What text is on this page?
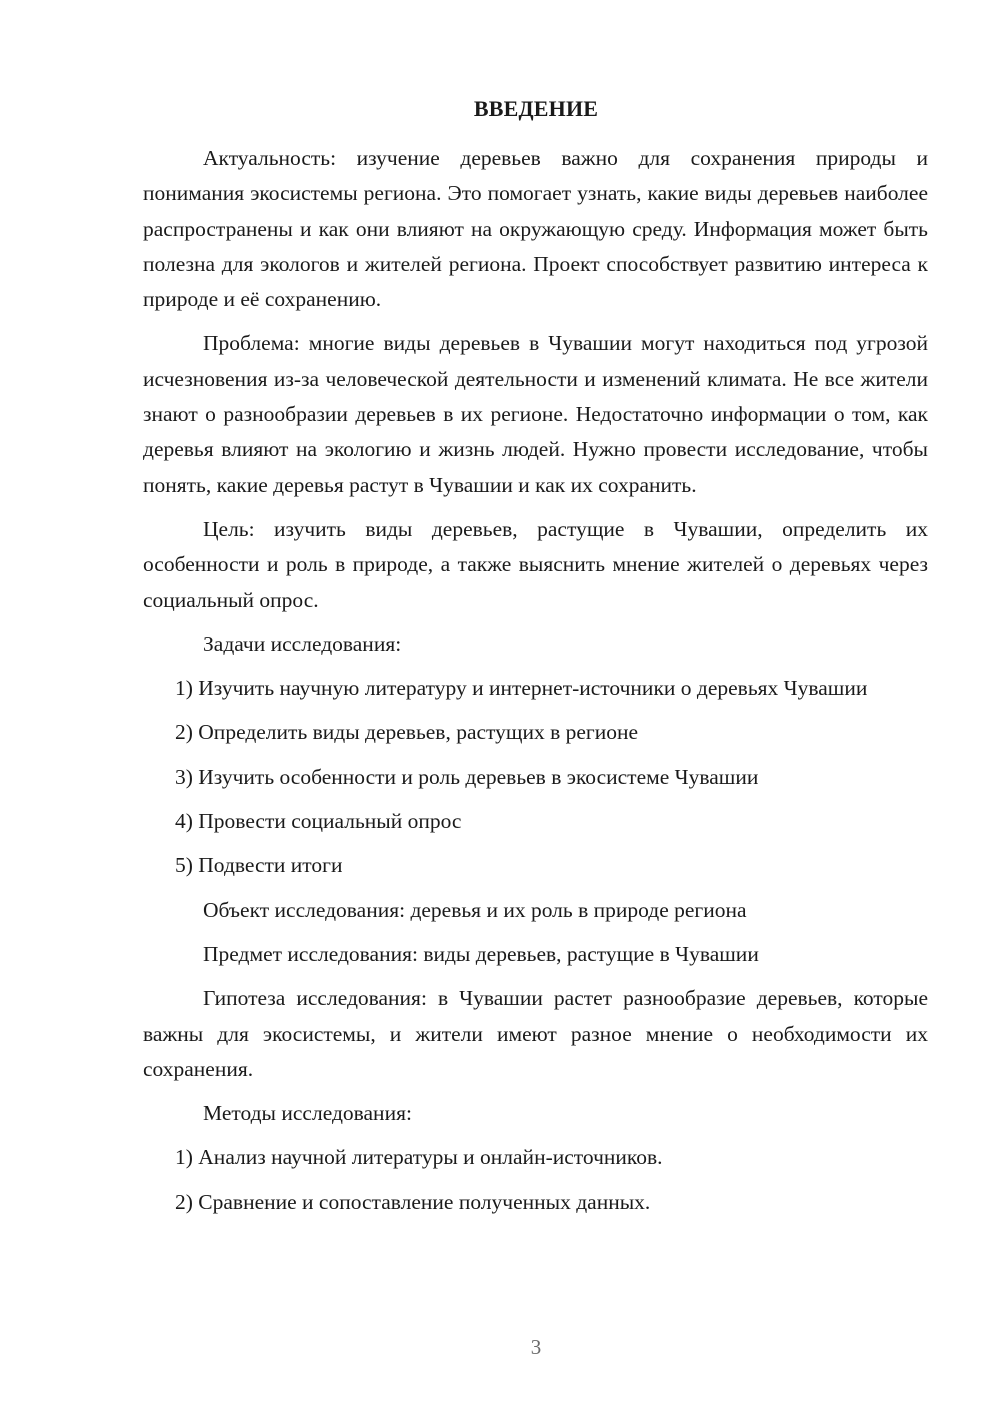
ВВЕДЕНИЕ

Актуальность: изучение деревьев важно для сохранения природы и понимания экосистемы региона. Это помогает узнать, какие виды деревьев наиболее распространены и как они влияют на окружающую среду. Информация может быть полезна для экологов и жителей региона. Проект способствует развитию интереса к природе и её сохранению.

Проблема: многие виды деревьев в Чувашии могут находиться под угрозой исчезновения из-за человеческой деятельности и изменений климата. Не все жители знают о разнообразии деревьев в их регионе. Недостаточно информации о том, как деревья влияют на экологию и жизнь людей. Нужно провести исследование, чтобы понять, какие деревья растут в Чувашии и как их сохранить.

Цель: изучить виды деревьев, растущие в Чувашии, определить их особенности и роль в природе, а также выяснить мнение жителей о деревьях через социальный опрос.

Задачи исследования:

1) Изучить научную литературу и интернет-источники о деревьях Чувашии

2) Определить виды деревьев, растущих в регионе

3) Изучить особенности и роль деревьев в экосистеме Чувашии

4) Провести социальный опрос

5) Подвести итоги

Объект исследования: деревья и их роль в природе региона

Предмет исследования: виды деревьев, растущие в Чувашии

Гипотеза исследования: в Чувашии растет разнообразие деревьев, которые важны для экосистемы, и жители имеют разное мнение о необходимости их сохранения.

Методы исследования:

1) Анализ научной литературы и онлайн-источников.

2) Сравнение и сопоставление полученных данных.

3
